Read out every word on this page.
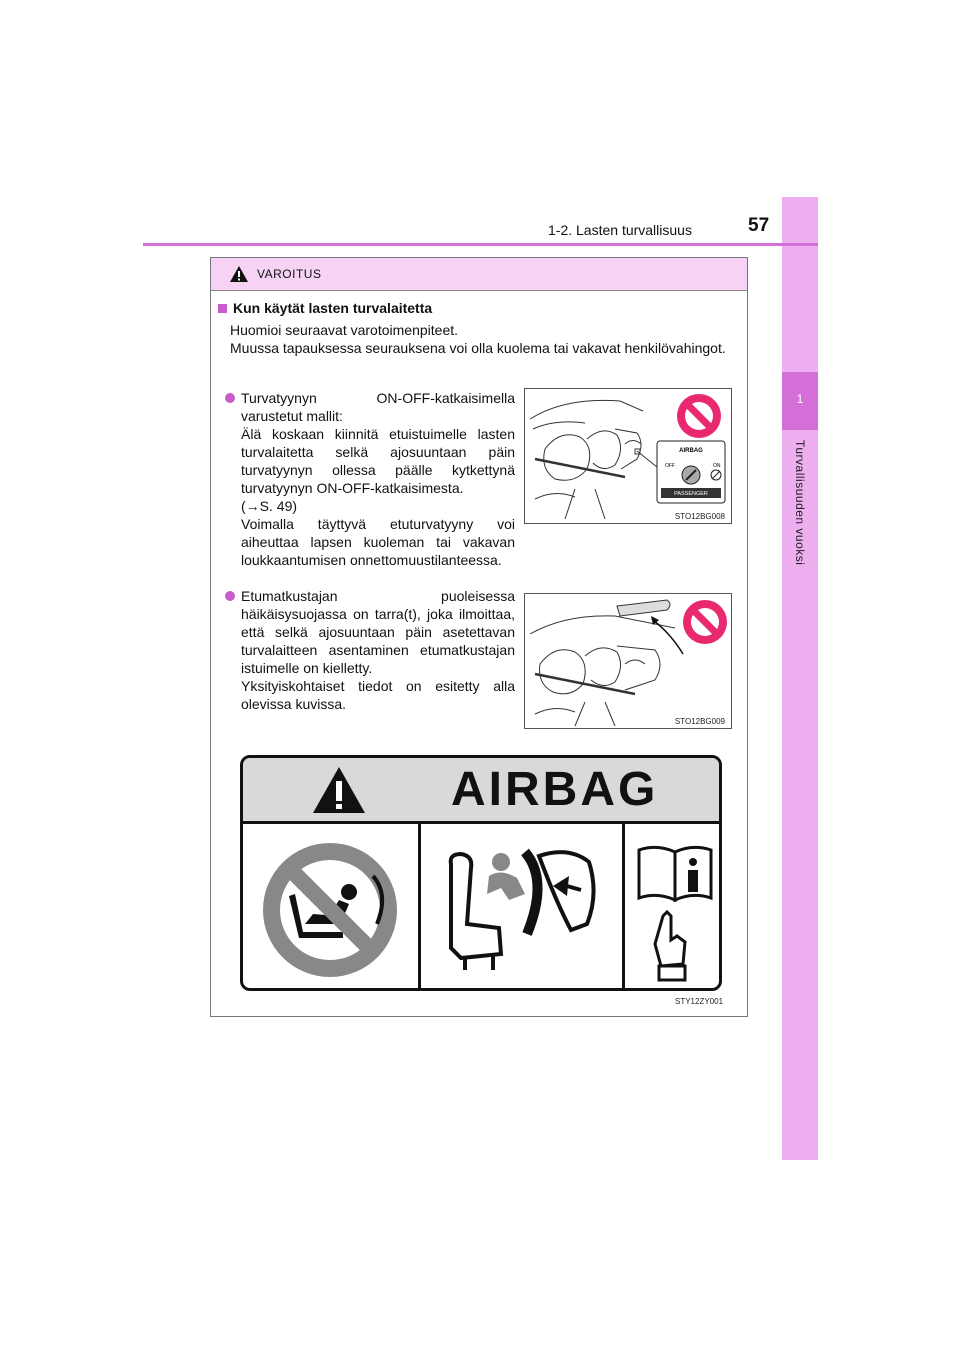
1
Turvallisuuden vuoksi
1-2. Lasten turvallisuus	57
VAROITUS
Kun käytät lasten turvalaitetta

Huomioi seuraavat varotoimenpiteet.

Muussa tapauksessa seurauksena voi olla kuolema tai vakavat henkilövahingot.

Turvatyynyn ON-OFF-katkaisimella varustetut mallit:
Älä koskaan kiinnitä etuistuimelle lasten turvalaitetta selkä ajosuuntaan päin turvatyynyn ollessa päälle kytkettynä turvatyynyn ON-OFF-katkaisimesta.
(→S. 49)
Voimalla täyttyvä etuturvatyyny voi aiheuttaa lapsen kuoleman tai vakavan loukkaantumisen onnettomuustilanteessa.
AIRBAG
OFF	ON
PASSENGER
STO12BG008
Etumatkustajan puoleisessa häikäisysuojassa on tarra(t), joka ilmoittaa, että selkä ajosuuntaan päin asetettavan turvalaitteen asentaminen etumatkustajan istuimelle on kielletty.
Yksityiskohtaiset tiedot on esitetty alla olevissa kuvissa.
STO12BG009
AIRBAG
STY12ZY001
